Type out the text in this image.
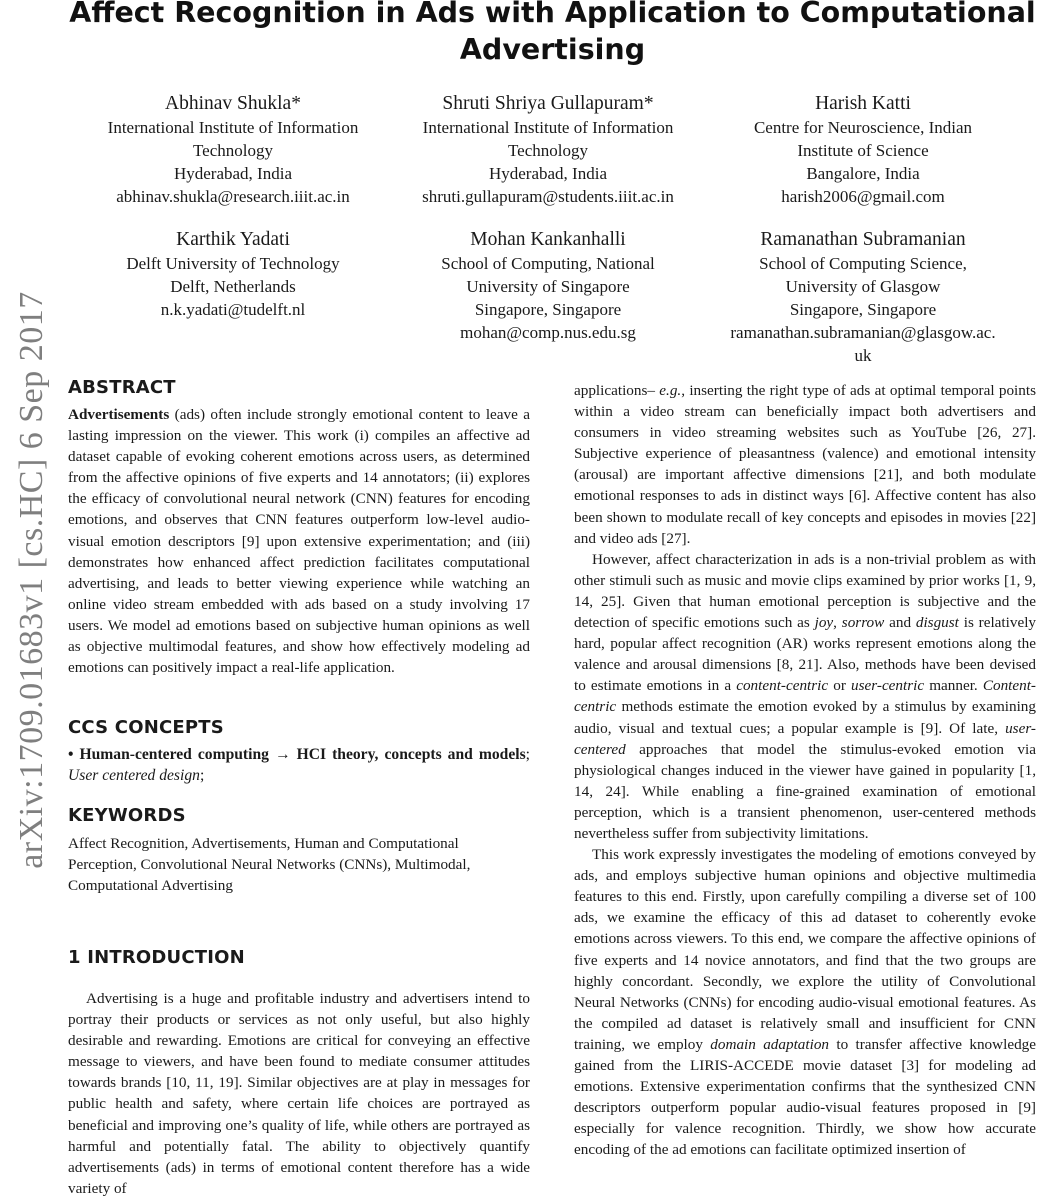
arXiv:1709.01683v1 [cs.HC] 6 Sep 2017
Affect Recognition in Ads with Application to Computational Advertising
Abhinav Shukla*
International Institute of Information Technology
Hyderabad, India
abhinav.shukla@research.iiit.ac.in
Shruti Shriya Gullapuram*
International Institute of Information Technology
Hyderabad, India
shruti.gullapuram@students.iiit.ac.in
Harish Katti
Centre for Neuroscience, Indian Institute of Science
Bangalore, India
harish2006@gmail.com
Karthik Yadati
Delft University of Technology
Delft, Netherlands
n.k.yadati@tudelft.nl
Mohan Kankanhalli
School of Computing, National University of Singapore
Singapore, Singapore
mohan@comp.nus.edu.sg
Ramanathan Subramanian
School of Computing Science, University of Glasgow
Singapore, Singapore
ramanathan.subramanian@glasgow.ac.uk
ABSTRACT

Advertisements (ads) often include strongly emotional content to leave a lasting impression on the viewer. This work (i) compiles an affective ad dataset capable of evoking coherent emotions across users, as determined from the affective opinions of five experts and 14 annotators; (ii) explores the efficacy of convolutional neural network (CNN) features for encoding emotions, and observes that CNN features outperform low-level audio-visual emotion descriptors [9] upon extensive experimentation; and (iii) demonstrates how enhanced affect prediction facilitates computational advertising, and leads to better viewing experience while watching an online video stream embedded with ads based on a study involving 17 users. We model ad emotions based on subjective human opinions as well as objective multimodal features, and show how effectively modeling ad emotions can positively impact a real-life application.

CCS CONCEPTS

• Human-centered computing → HCI theory, concepts and models; User centered design;

KEYWORDS

Affect Recognition, Advertisements, Human and Computational Perception, Convolutional Neural Networks (CNNs), Multimodal, Computational Advertising

1 INTRODUCTION

Advertising is a huge and profitable industry and advertisers intend to portray their products or services as not only useful, but also highly desirable and rewarding. Emotions are critical for conveying an effective message to viewers, and have been found to mediate consumer attitudes towards brands [10, 11, 19]. Similar objectives are at play in messages for public health and safety, where certain life choices are portrayed as beneficial and improving one’s quality of life, while others are portrayed as harmful and potentially fatal. The ability to objectively quantify advertisements (ads) in terms of emotional content therefore has a wide variety of

applications– e.g., inserting the right type of ads at optimal temporal points within a video stream can beneficially impact both advertisers and consumers in video streaming websites such as YouTube [26, 27]. Subjective experience of pleasantness (valence) and emotional intensity (arousal) are important affective dimensions [21], and both modulate emotional responses to ads in distinct ways [6]. Affective content has also been shown to modulate recall of key concepts and episodes in movies [22] and video ads [27].

However, affect characterization in ads is a non-trivial problem as with other stimuli such as music and movie clips examined by prior works [1, 9, 14, 25]. Given that human emotional perception is subjective and the detection of specific emotions such as joy, sorrow and disgust is relatively hard, popular affect recognition (AR) works represent emotions along the valence and arousal dimensions [8, 21]. Also, methods have been devised to estimate emotions in a content-centric or user-centric manner. Content-centric methods estimate the emotion evoked by a stimulus by examining audio, visual and textual cues; a popular example is [9]. Of late, user-centered approaches that model the stimulus-evoked emotion via physiological changes induced in the viewer have gained in popularity [1, 14, 24]. While enabling a fine-grained examination of emotional perception, which is a transient phenomenon, user-centered methods nevertheless suffer from subjectivity limitations.

This work expressly investigates the modeling of emotions conveyed by ads, and employs subjective human opinions and objective multimedia features to this end. Firstly, upon carefully compiling a diverse set of 100 ads, we examine the efficacy of this ad dataset to coherently evoke emotions across viewers. To this end, we compare the affective opinions of five experts and 14 novice annotators, and find that the two groups are highly concordant. Secondly, we explore the utility of Convolutional Neural Networks (CNNs) for encoding audio-visual emotional features. As the compiled ad dataset is relatively small and insufficient for CNN training, we employ domain adaptation to transfer affective knowledge gained from the LIRIS-ACCEDE movie dataset [3] for modeling ad emotions. Extensive experimentation confirms that the synthesized CNN descriptors outperform popular audio-visual features proposed in [9] especially for valence recognition. Thirdly, we show how accurate encoding of the ad emotions can facilitate optimized insertion of
